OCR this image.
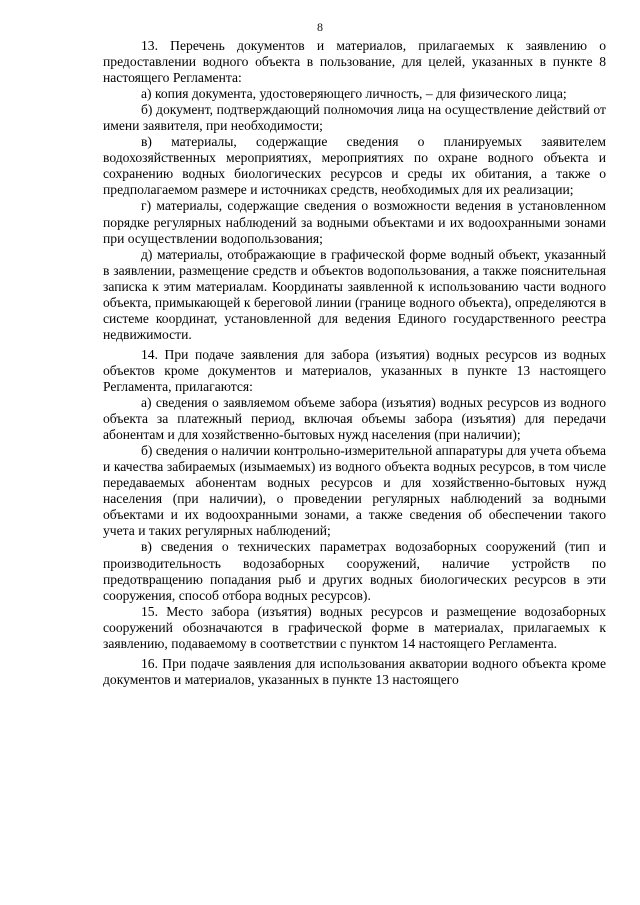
8

13. Перечень документов и материалов, прилагаемых к заявлению о предоставлении водного объекта в пользование, для целей, указанных в пункте 8 настоящего Регламента:

а) копия документа, удостоверяющего личность, – для физического лица;

б) документ, подтверждающий полномочия лица на осуществление действий от имени заявителя, при необходимости;

в) материалы, содержащие сведения о планируемых заявителем водохозяйственных мероприятиях, мероприятиях по охране водного объекта и сохранению водных биологических ресурсов и среды их обитания, а также о предполагаемом размере и источниках средств, необходимых для их реализации;

г) материалы, содержащие сведения о возможности ведения в установленном порядке регулярных наблюдений за водными объектами и их водоохранными зонами при осуществлении водопользования;

д) материалы, отображающие в графической форме водный объект, указанный в заявлении, размещение средств и объектов водопользования, а также пояснительная записка к этим материалам. Координаты заявленной к использованию части водного объекта, примыкающей к береговой линии (границе водного объекта), определяются в системе координат, установленной для ведения Единого государственного реестра недвижимости.

14. При подаче заявления для забора (изъятия) водных ресурсов из водных объектов кроме документов и материалов, указанных в пункте 13 настоящего Регламента, прилагаются:

а) сведения о заявляемом объеме забора (изъятия) водных ресурсов из водного объекта за платежный период, включая объемы забора (изъятия) для передачи абонентам и для хозяйственно-бытовых нужд населения (при наличии);

б) сведения о наличии контрольно-измерительной аппаратуры для учета объема и качества забираемых (изымаемых) из водного объекта водных ресурсов, в том числе передаваемых абонентам водных ресурсов и для хозяйственно-бытовых нужд населения (при наличии), о проведении регулярных наблюдений за водными объектами и их водоохранными зонами, а также сведения об обеспечении такого учета и таких регулярных наблюдений;

в) сведения о технических параметрах водозаборных сооружений (тип и производительность водозаборных сооружений, наличие устройств по предотвращению попадания рыб и других водных биологических ресурсов в эти сооружения, способ отбора водных ресурсов).

15. Место забора (изъятия) водных ресурсов и размещение водозаборных сооружений обозначаются в графической форме в материалах, прилагаемых к заявлению, подаваемому в соответствии с пунктом 14 настоящего Регламента.

16. При подаче заявления для использования акватории водного объекта кроме документов и материалов, указанных в пункте 13 настоящего
